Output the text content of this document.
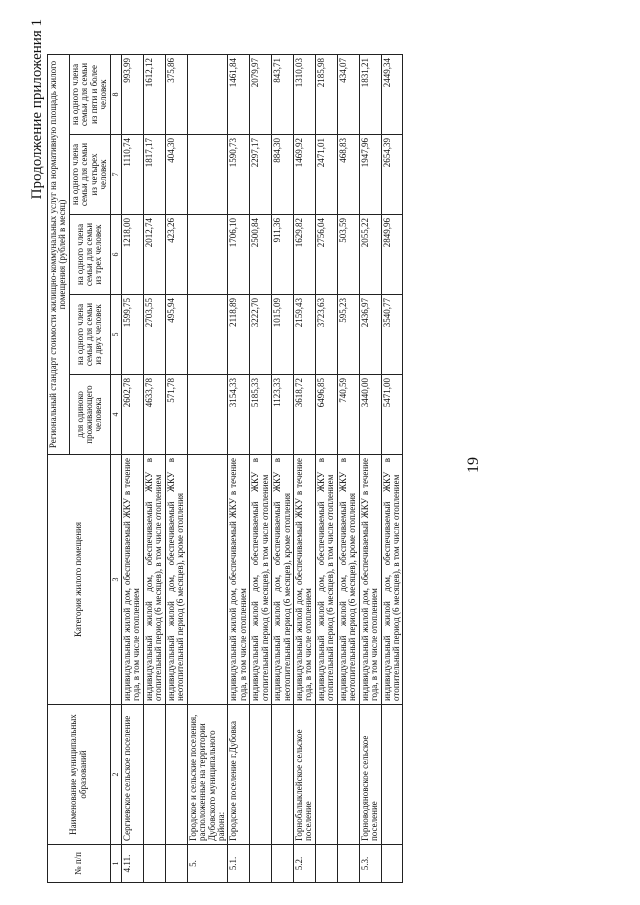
Продолжение приложения 1
19
№ п/п	Наименование муниципальных образований	Категория жилого помещения	Региональный стандарт стоимости жилищно-коммунальных услуг на нормативную площадь жилого помещения (рублей в месяц)				
			для одиноко проживающего человека	на одного члена семьи для семьи из двух человек	на одного члена семьи для семьи из трех человек	на одного члена семьи для семьи из четырех человек	на одного члена семьи для семьи из пяти и более человек
1	2	3	4	5	6	7	8
4.11.	Сергиевское сельское поселение	индивидуальный жилой дом, обеспечиваемый ЖКУ в течение года, в том числе отоплением	2602,78	1599,75	1218,00	1110,74	993,99
		индивидуальный жилой дом, обеспечиваемый ЖКУ в отопительный период (6 месяцев), в том числе отоплением	4633,78	2703,55	2012,74	1817,17	1612,12
		индивидуальный жилой дом, обеспечиваемый ЖКУ в неотопительный период (6 месяцев), кроме отопления	571,78	495,94	423,26	404,30	375,86
5.	Городское и сельские поселения, расположенные на территории Дубовского муниципального района:						
5.1.	Городское поселение г.Дубовка	индивидуальный жилой дом, обеспечиваемый ЖКУ в течение года, в том числе отоплением	3154,33	2118,89	1706,10	1590,73	1461,84
		индивидуальный жилой дом, обеспечиваемый ЖКУ в отопительный период (6 месяцев), в том числе отоплением	5185,33	3222,70	2500,84	2297,17	2079,97
		индивидуальный жилой дом, обеспечиваемый ЖКУ в неотопительный период (6 месяцев), кроме отопления	1123,33	1015,09	911,36	884,30	843,71
5.2.	Горнобалыклейское сельское поселение	индивидуальный жилой дом, обеспечиваемый ЖКУ в течение года, в том числе отоплением	3618,72	2159,43	1629,82	1469,92	1310,03
		индивидуальный жилой дом, обеспечиваемый ЖКУ в отопительный период (6 месяцев), в том числе отоплением	6496,85	3723,63	2756,04	2471,01	2185,98
		индивидуальный жилой дом, обеспечиваемый ЖКУ в неотопительный период (6 месяцев), кроме отопления	740,59	595,23	503,59	468,83	434,07
5.3.	Горноводяновское сельское поселение	индивидуальный жилой дом, обеспечиваемый ЖКУ в течение года, в том числе отоплением	3440,00	2436,97	2055,22	1947,96	1831,21
		индивидуальный жилой дом, обеспечиваемый ЖКУ в отопительный период (6 месяцев), в том числе отоплением	5471,00	3540,77	2849,96	2654,39	2449,34
